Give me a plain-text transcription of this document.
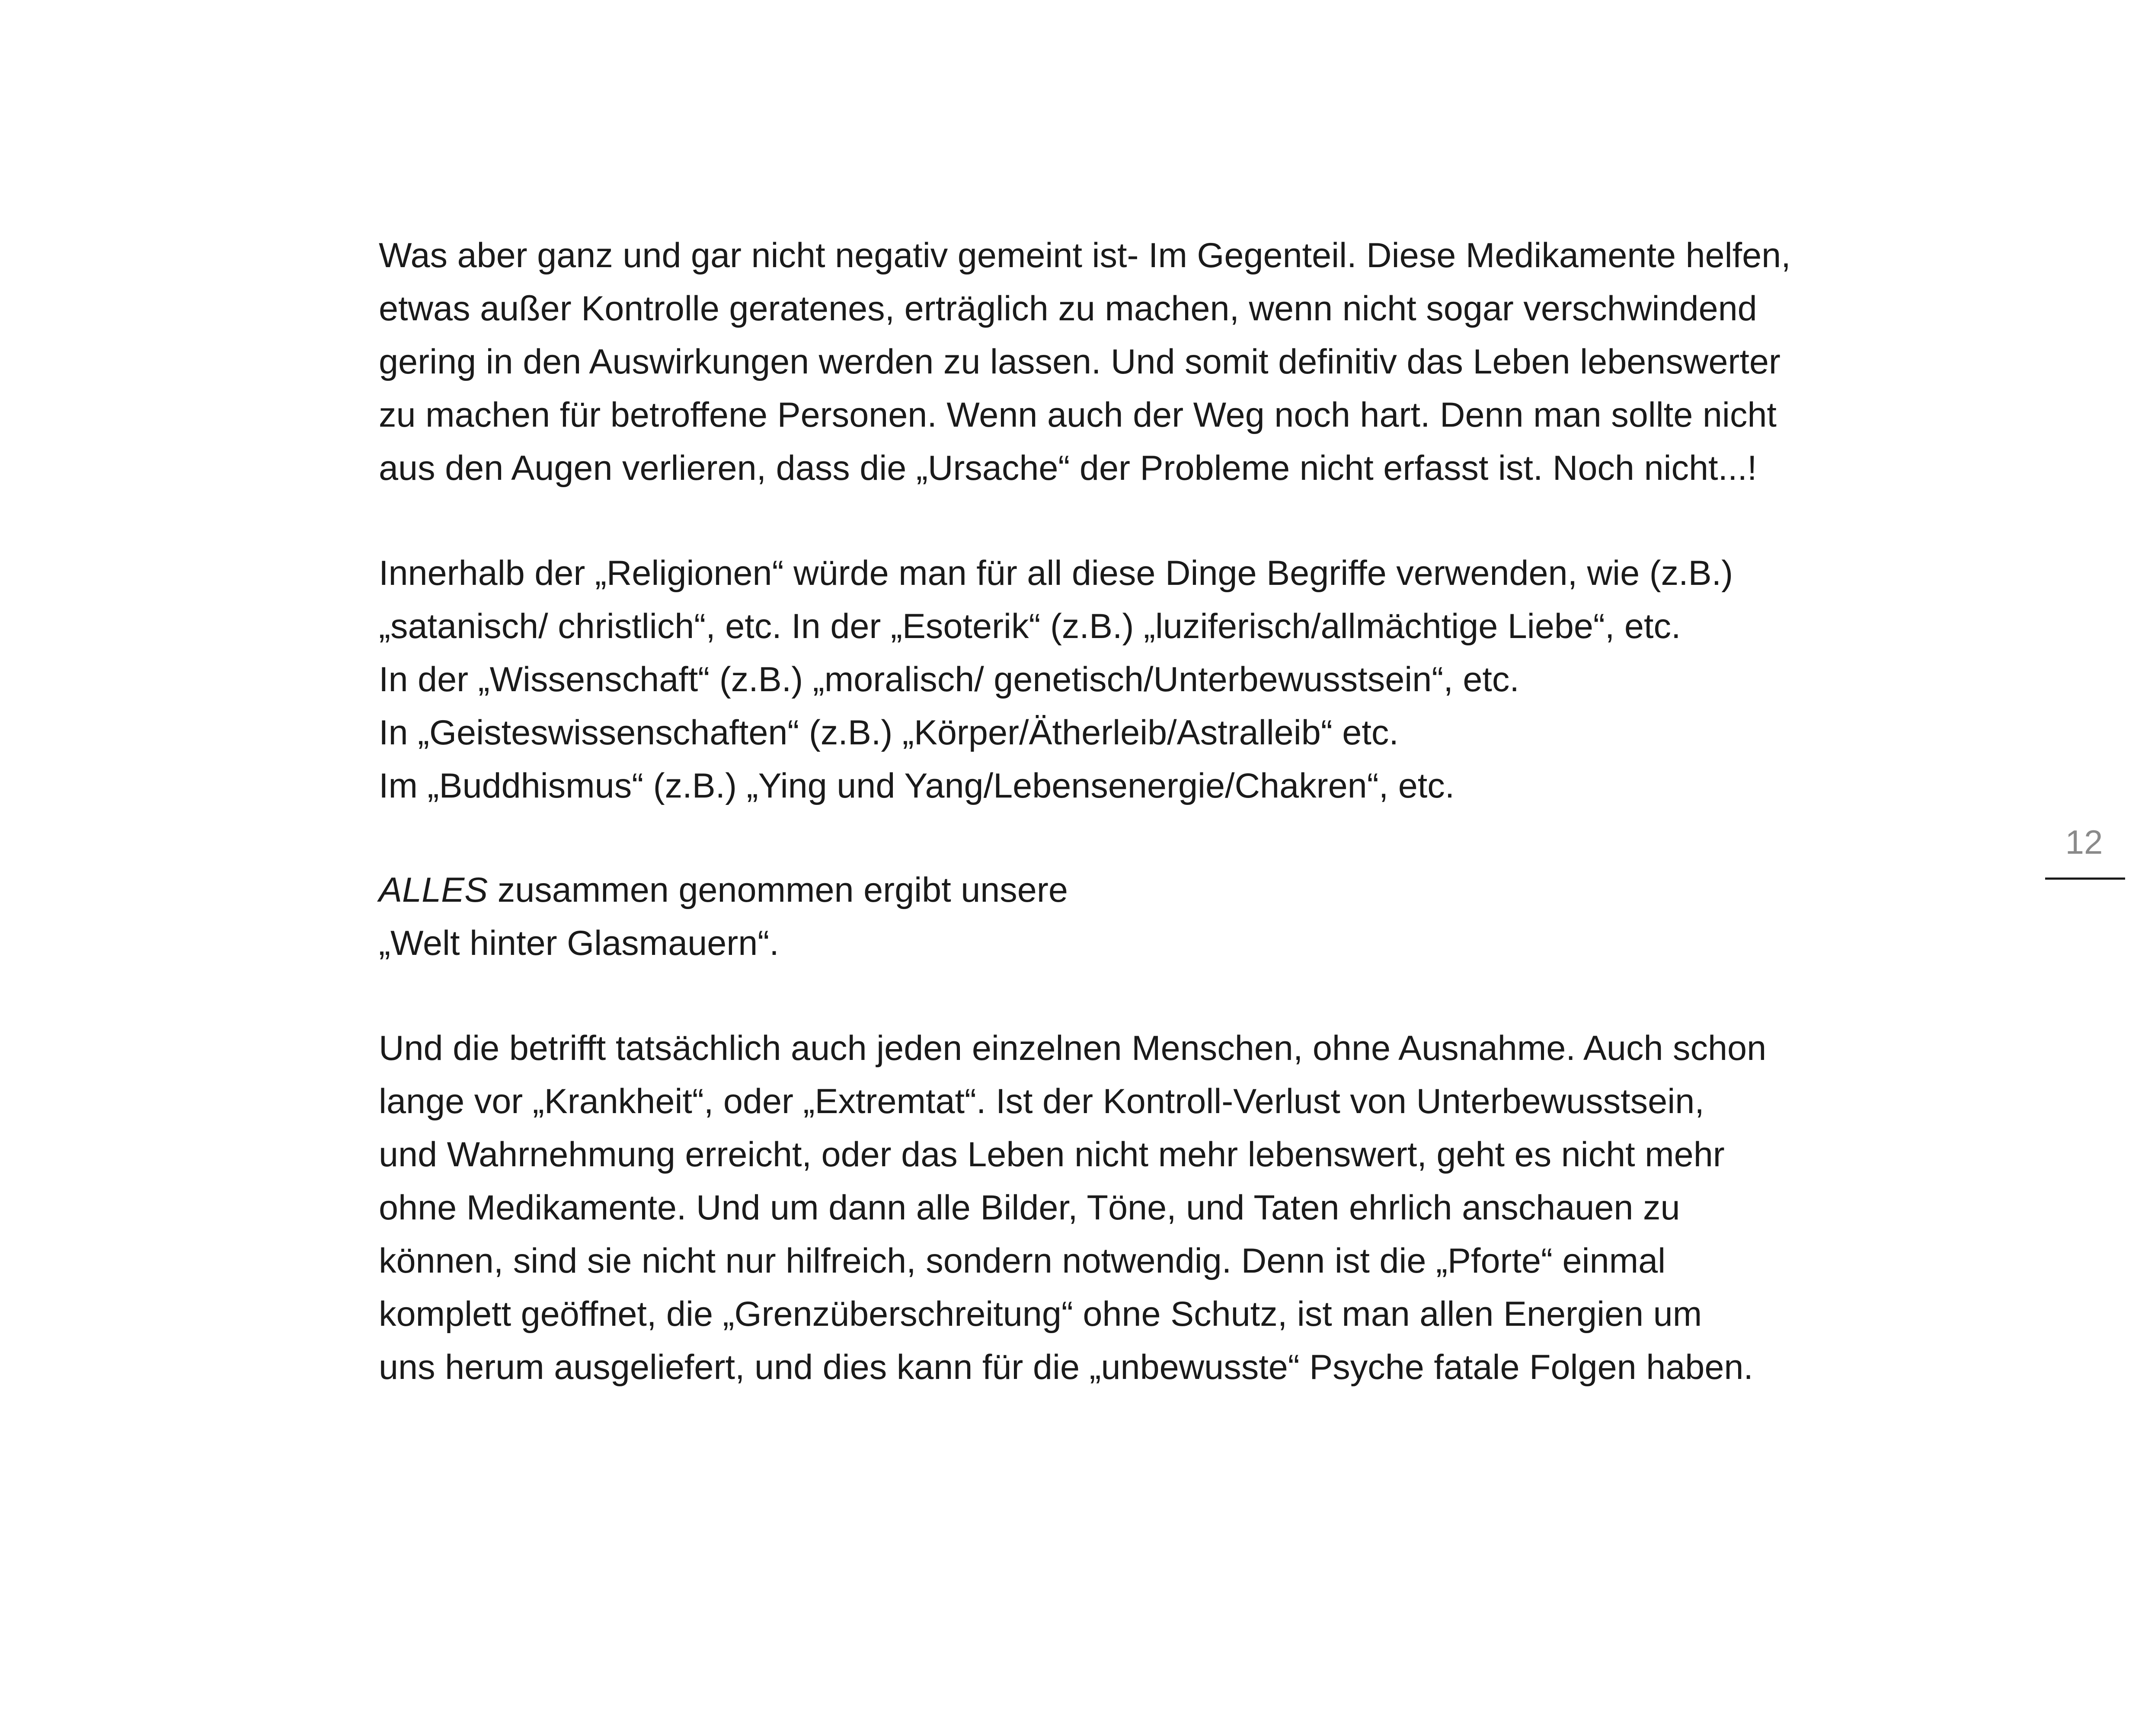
Was aber ganz und gar nicht negativ gemeint ist- Im Gegenteil. Diese Medikamente helfen,
etwas außer Kontrolle geratenes, erträglich zu machen, wenn nicht sogar verschwindend
gering in den Auswirkungen werden zu lassen. Und somit definitiv das Leben lebenswerter
zu machen für betroffene Personen. Wenn auch der Weg noch hart. Denn man sollte nicht
aus den Augen verlieren, dass die „Ursache“ der Probleme nicht erfasst ist. Noch nicht...!
Innerhalb der „Religionen“ würde man für all diese Dinge Begriffe verwenden, wie (z.B.)
„satanisch/ christlich“, etc. In der „Esoterik“ (z.B.) „luziferisch/allmächtige Liebe“, etc.
In der „Wissenschaft“ (z.B.) „moralisch/ genetisch/Unterbewusstsein“, etc.
In „Geisteswissenschaften“ (z.B.) „Körper/Ätherleib/Astralleib“ etc.
Im „Buddhismus“ (z.B.) „Ying und Yang/Lebensenergie/Chakren“, etc.
ALLES zusammen genommen ergibt unsere
„Welt hinter Glasmauern“.
Und die betrifft tatsächlich auch jeden einzelnen Menschen, ohne Ausnahme. Auch schon
lange vor „Krankheit“, oder „Extremtat“. Ist der Kontroll-Verlust von Unterbewusstsein,
und Wahrnehmung erreicht, oder das Leben nicht mehr lebenswert, geht es nicht mehr
ohne Medikamente. Und um dann alle Bilder, Töne, und Taten ehrlich anschauen zu
können, sind sie nicht nur hilfreich, sondern notwendig. Denn ist die „Pforte“ einmal
komplett geöffnet, die „Grenzüberschreitung“ ohne Schutz, ist man allen Energien um
uns herum ausgeliefert, und dies kann für die „unbewusste“ Psyche fatale Folgen haben.
12
